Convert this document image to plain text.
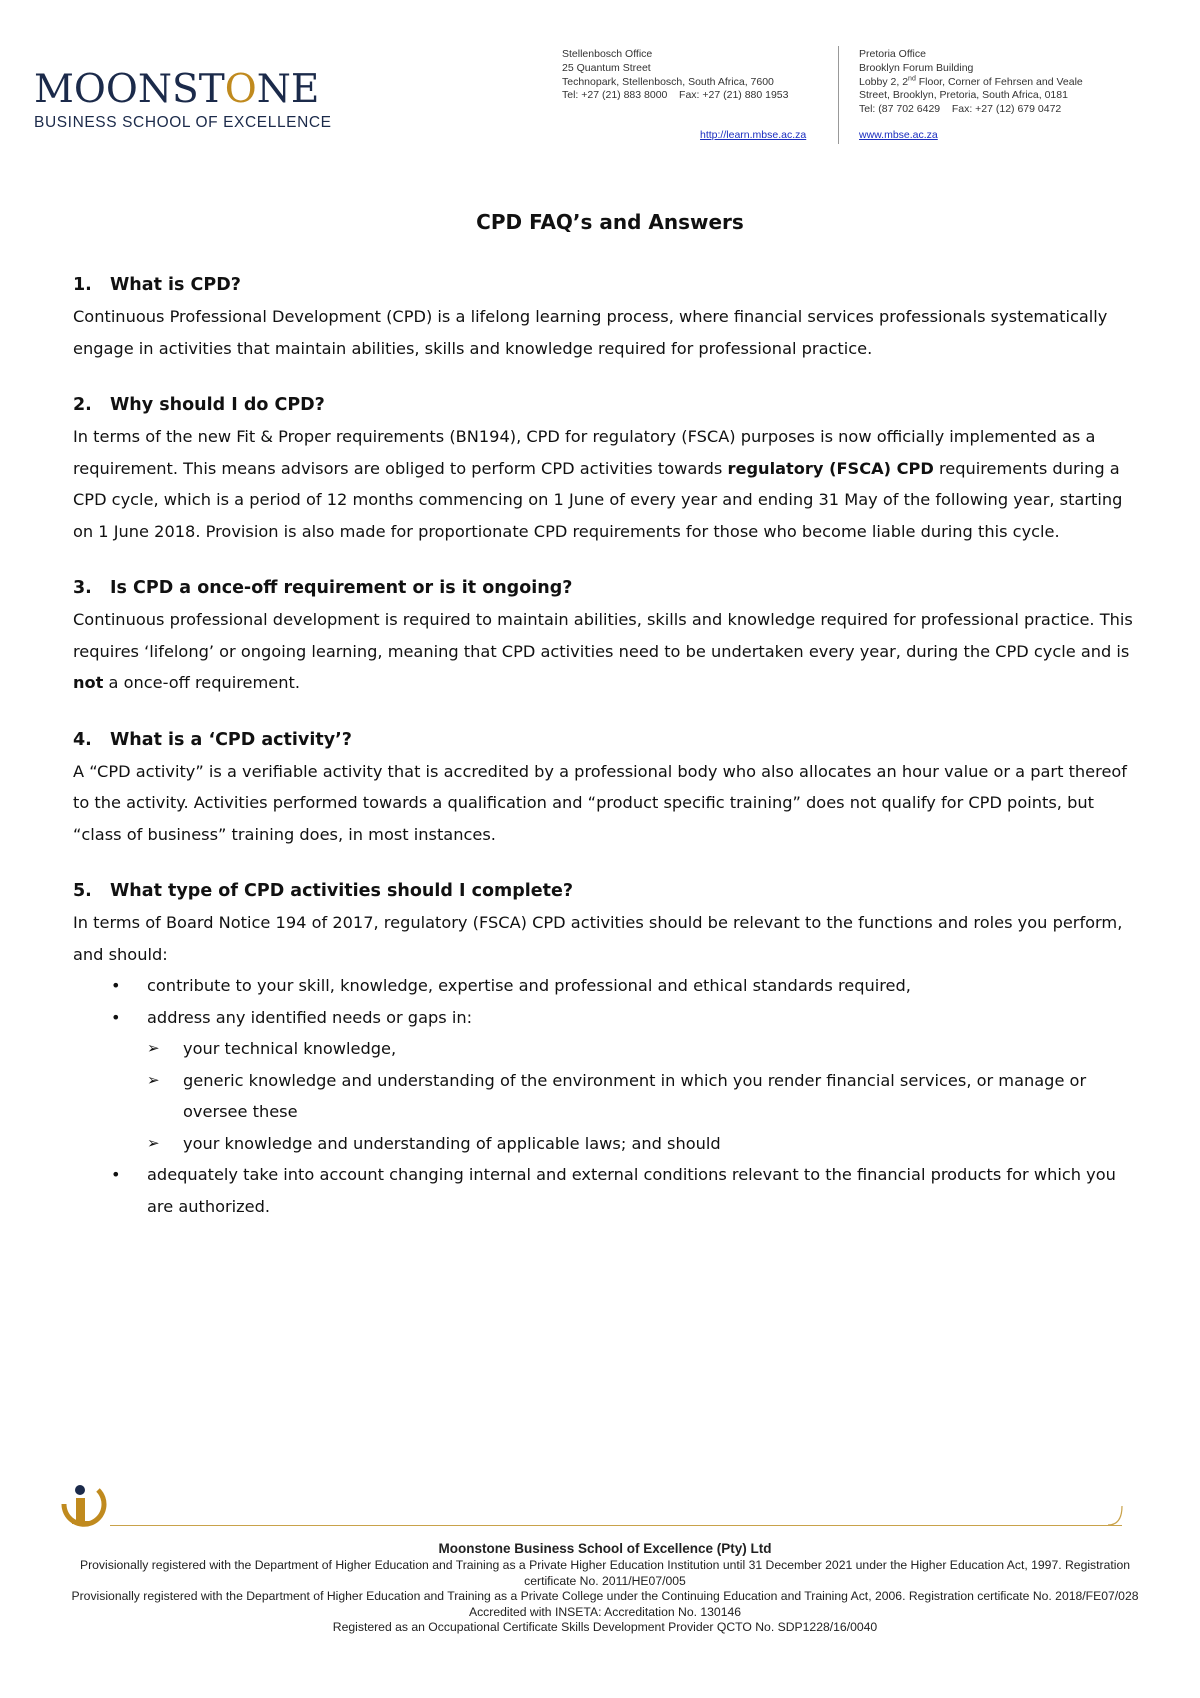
MOONSTONE
BUSINESS SCHOOL OF EXCELLENCE
Stellenbosch Office
25 Quantum Street
Technopark, Stellenbosch, South Africa, 7600
Tel: +27 (21) 883 8000    Fax: +27 (21) 880 1953
http://learn.mbse.ac.za
Pretoria Office
Brooklyn Forum Building
Lobby 2, 2nd Floor, Corner of Fehrsen and Veale
Street, Brooklyn, Pretoria, South Africa, 0181
Tel: (87 702 6429    Fax: +27 (12) 679 0472
www.mbse.ac.za
CPD FAQ’s and Answers
1.	What is CPD?

Continuous Professional Development (CPD) is a lifelong learning process, where financial services professionals systematically engage in activities that maintain abilities, skills and knowledge required for professional practice.

2.	Why should I do CPD?

In terms of the new Fit & Proper requirements (BN194), CPD for regulatory (FSCA) purposes is now officially implemented as a requirement. This means advisors are obliged to perform CPD activities towards regulatory (FSCA) CPD requirements during a CPD cycle, which is a period of 12 months commencing on 1 June of every year and ending 31 May of the following year, starting on 1 June 2018. Provision is also made for proportionate CPD requirements for those who become liable during this cycle.

3.	Is CPD a once-off requirement or is it ongoing?

Continuous professional development is required to maintain abilities, skills and knowledge required for professional practice. This requires ‘lifelong’ or ongoing learning, meaning that CPD activities need to be undertaken every year, during the CPD cycle and is not a once-off requirement.

4.	What is a ‘CPD activity’?

A “CPD activity” is a verifiable activity that is accredited by a professional body who also allocates an hour value or a part thereof to the activity. Activities performed towards a qualification and “product specific training” does not qualify for CPD points, but “class of business” training does, in most instances.

5.	What type of CPD activities should I complete?

In terms of Board Notice 194 of 2017, regulatory (FSCA) CPD activities should be relevant to the functions and roles you perform, and should:

• contribute to your skill, knowledge, expertise and professional and ethical standards required,
• address any identified needs or gaps in:
➢ your technical knowledge,
➢ generic knowledge and understanding of the environment in which you render financial services, or manage or oversee these
➢ your knowledge and understanding of applicable laws; and should
• adequately take into account changing internal and external conditions relevant to the financial products for which you are authorized.
Moonstone Business School of Excellence (Pty) Ltd
Provisionally registered with the Department of Higher Education and Training as a Private Higher Education Institution until 31 December 2021 under the Higher Education Act, 1997. Registration certificate No. 2011/HE07/005
Provisionally registered with the Department of Higher Education and Training as a Private College under the Continuing Education and Training Act, 2006. Registration certificate No. 2018/FE07/028
Accredited with INSETA: Accreditation No. 130146
Registered as an Occupational Certificate Skills Development Provider QCTO No. SDP1228/16/0040
